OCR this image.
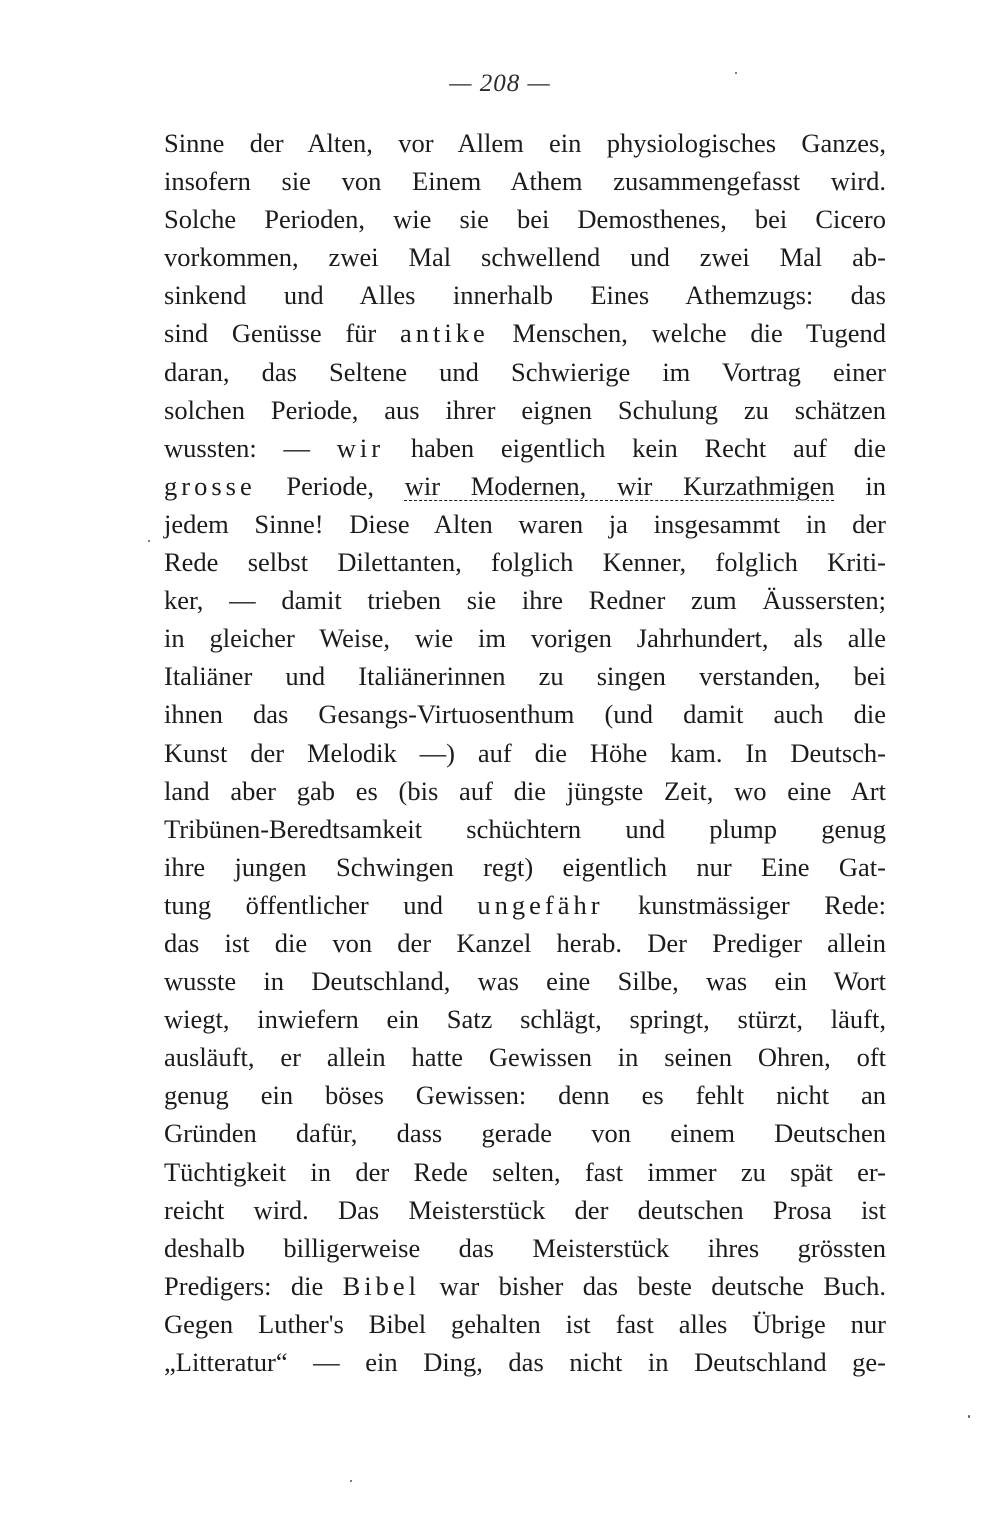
— 208 —
Sinne der Alten, vor Allem ein physiologisches Ganzes,
insofern sie von Einem Athem zusammengefasst wird.
Solche Perioden, wie sie bei Demosthenes, bei Cicero
vorkommen, zwei Mal schwellend und zwei Mal ab-
sinkend und Alles innerhalb Eines Athemzugs: das
sind Genüsse für antike Menschen, welche die Tugend
daran, das Seltene und Schwierige im Vortrag einer
solchen Periode, aus ihrer eignen Schulung zu schätzen
wussten: — wir haben eigentlich kein Recht auf die
grosse Periode, wir Modernen, wir Kurzathmigen in
jedem Sinne! Diese Alten waren ja insgesammt in der
Rede selbst Dilettanten, folglich Kenner, folglich Kriti-
ker, — damit trieben sie ihre Redner zum Äussersten;
in gleicher Weise, wie im vorigen Jahrhundert, als alle
Italiäner und Italiänerinnen zu singen verstanden, bei
ihnen das Gesangs-Virtuosenthum (und damit auch die
Kunst der Melodik —) auf die Höhe kam. In Deutsch-
land aber gab es (bis auf die jüngste Zeit, wo eine Art
Tribünen-Beredtsamkeit schüchtern und plump genug
ihre jungen Schwingen regt) eigentlich nur Eine Gat-
tung öffentlicher und ungefähr kunstmässiger Rede:
das ist die von der Kanzel herab. Der Prediger allein
wusste in Deutschland, was eine Silbe, was ein Wort
wiegt, inwiefern ein Satz schlägt, springt, stürzt, läuft,
ausläuft, er allein hatte Gewissen in seinen Ohren, oft
genug ein böses Gewissen: denn es fehlt nicht an
Gründen dafür, dass gerade von einem Deutschen
Tüchtigkeit in der Rede selten, fast immer zu spät er-
reicht wird. Das Meisterstück der deutschen Prosa ist
deshalb billigerweise das Meisterstück ihres grössten
Predigers: die Bibel war bisher das beste deutsche Buch.
Gegen Luther's Bibel gehalten ist fast alles Übrige nur
„Litteratur“ — ein Ding, das nicht in Deutschland ge-
